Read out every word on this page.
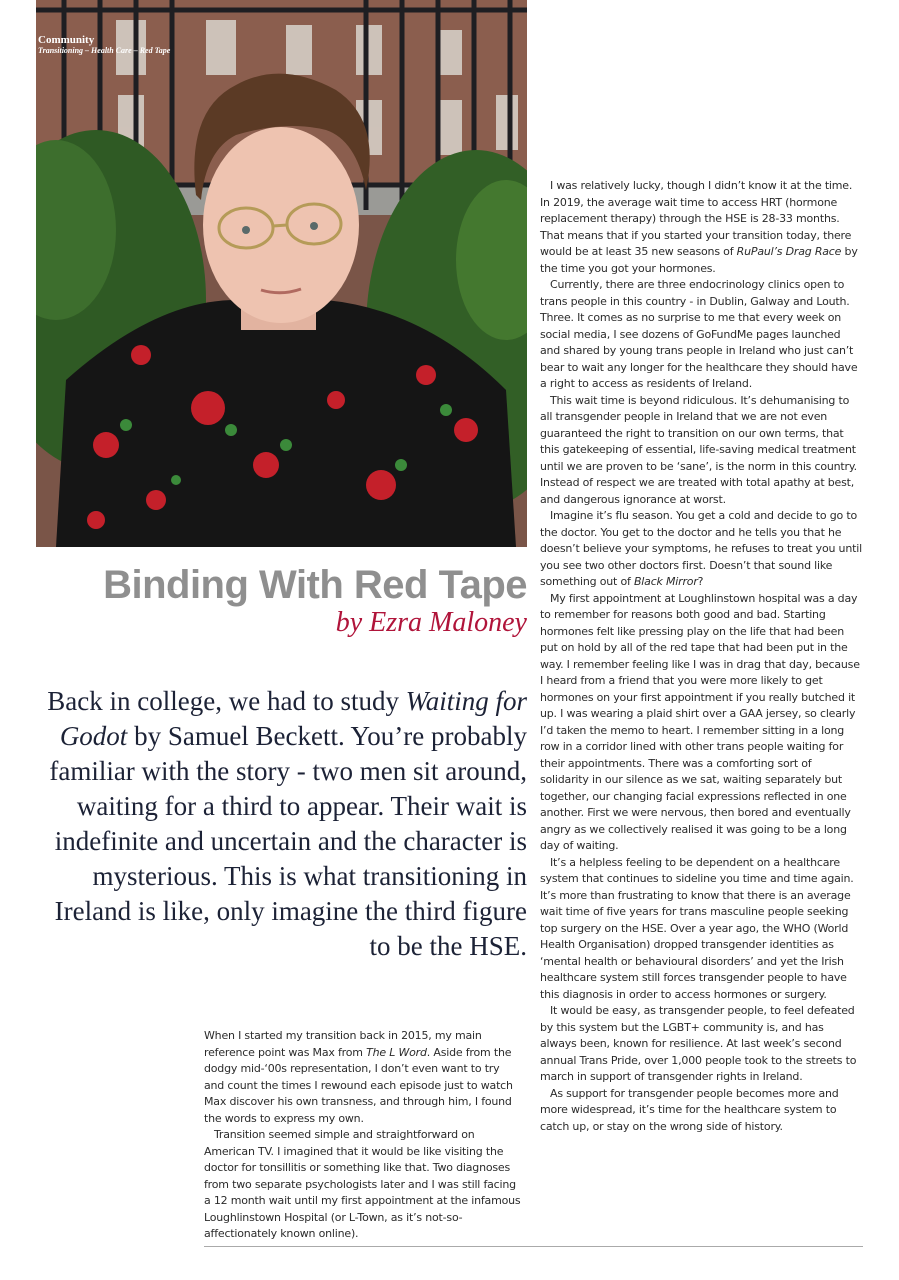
Community
Transitioning – Health Care – Red Tape
Binding With Red Tape
by Ezra Maloney

Back in college, we had to study Waiting for Godot by Samuel Beckett. You’re probably familiar with the story - two men sit around, waiting for a third to appear. Their wait is indefinite and uncertain and the character is mysterious. This is what transitioning in Ireland is like, only imagine the third figure to be the HSE.

When I started my transition back in 2015, my main reference point was Max from The L Word. Aside from the dodgy mid-‘00s representation, I don’t even want to try and count the times I rewound each episode just to watch Max discover his own transness, and through him, I found the words to express my own.

Transition seemed simple and straightforward on American TV. I imagined that it would be like visiting the doctor for tonsillitis or something like that. Two diagnoses from two separate psychologists later and I was still facing a 12 month wait until my first appointment at the infamous Loughlinstown Hospital (or L-Town, as it’s not-so-affectionately known online).

I was relatively lucky, though I didn’t know it at the time. In 2019, the average wait time to access HRT (hormone replacement therapy) through the HSE is 28-33 months. That means that if you started your transition today, there would be at least 35 new seasons of RuPaul’s Drag Race by the time you got your hormones.

Currently, there are three endocrinology clinics open to trans people in this country - in Dublin, Galway and Louth. Three. It comes as no surprise to me that every week on social media, I see dozens of GoFundMe pages launched and shared by young trans people in Ireland who just can’t bear to wait any longer for the healthcare they should have a right to access as residents of Ireland.

This wait time is beyond ridiculous. It’s dehumanising to all transgender people in Ireland that we are not even guaranteed the right to transition on our own terms, that this gatekeeping of essential, life-saving medical treatment until we are proven to be ‘sane’, is the norm in this country. Instead of respect we are treated with total apathy at best, and dangerous ignorance at worst.

Imagine it’s flu season. You get a cold and decide to go to the doctor. You get to the doctor and he tells you that he doesn’t believe your symptoms, he refuses to treat you until you see two other doctors first. Doesn’t that sound like something out of Black Mirror?

My first appointment at Loughlinstown hospital was a day to remember for reasons both good and bad. Starting hormones felt like pressing play on the life that had been put on hold by all of the red tape that had been put in the way. I remember feeling like I was in drag that day, because I heard from a friend that you were more likely to get hormones on your first appointment if you really butched it up. I was wearing a plaid shirt over a GAA jersey, so clearly I’d taken the memo to heart. I remember sitting in a long row in a corridor lined with other trans people waiting for their appointments. There was a comforting sort of solidarity in our silence as we sat, waiting separately but together, our changing facial expressions reflected in one another. First we were nervous, then bored and eventually angry as we collectively realised it was going to be a long day of waiting.

It’s a helpless feeling to be dependent on a healthcare system that continues to sideline you time and time again. It’s more than frustrating to know that there is an average wait time of five years for trans masculine people seeking top surgery on the HSE. Over a year ago, the WHO (World Health Organisation) dropped transgender identities as ‘mental health or behavioural disorders’ and yet the Irish healthcare system still forces transgender people to have this diagnosis in order to access hormones or surgery.

It would be easy, as transgender people, to feel defeated by this system but the LGBT+ community is, and has always been, known for resilience. At last week’s second annual Trans Pride, over 1,000 people took to the streets to march in support of transgender rights in Ireland.

As support for transgender people becomes more and more widespread, it’s time for the healthcare system to catch up, or stay on the wrong side of history.
